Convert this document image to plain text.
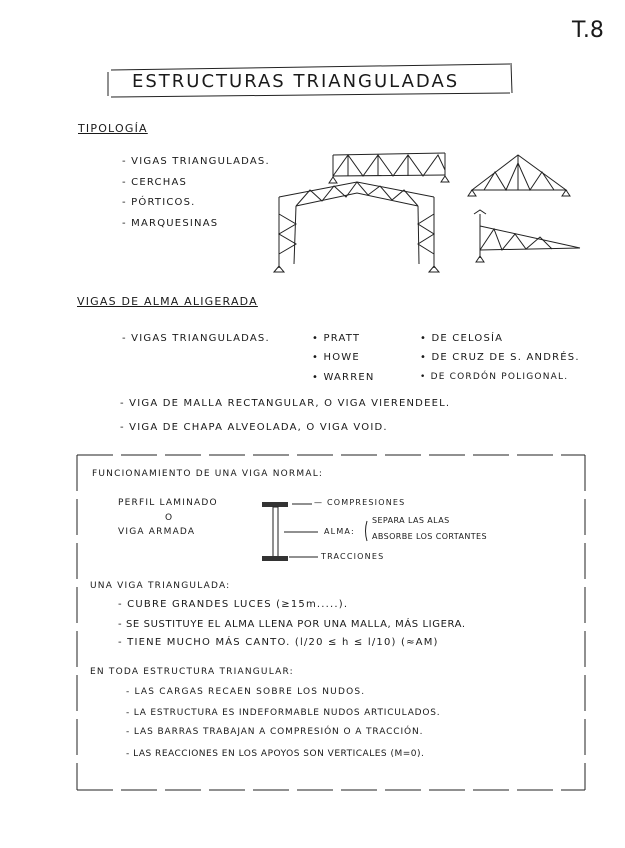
T.8
ESTRUCTURAS TRIANGULADAS
TIPOLOGÍA
- VIGAS TRIANGULADAS.
- CERCHAS
- PÓRTICOS.
- MARQUESINAS
VIGAS DE ALMA ALIGERADA
- VIGAS TRIANGULADAS.	• PRATT
• HOWE
• WARREN
• DE CELOSÍA
• DE CRUZ DE S. ANDRÉS.
• DE CORDÓN POLIGONAL.
- VIGA DE MALLA RECTANGULAR, O VIGA VIERENDEEL.
- VIGA DE CHAPA ALVEOLADA, O VIGA VOID.
FUNCIONAMIENTO DE UNA VIGA NORMAL:
PERFIL LAMINADO
O
VIGA ARMADA
— COMPRESIONES
ALMA:
SEPARA LAS ALAS
ABSORBE LOS CORTANTES
TRACCIONES
UNA VIGA TRIANGULADA:
- CUBRE GRANDES LUCES (≥15m.....).
- SE SUSTITUYE EL ALMA LLENA POR UNA MALLA, MÁS LIGERA.
- TIENE MUCHO MÁS CANTO. (l/20 ≤ h ≤ l/10) (≈AM)
EN TODA ESTRUCTURA TRIANGULAR:
- LAS CARGAS RECAEN SOBRE LOS NUDOS.
- LA ESTRUCTURA ES INDEFORMABLE NUDOS ARTICULADOS.
- LAS BARRAS TRABAJAN A COMPRESIÓN O A TRACCIÓN.
- LAS REACCIONES EN LOS APOYOS SON VERTICALES (M=0).
